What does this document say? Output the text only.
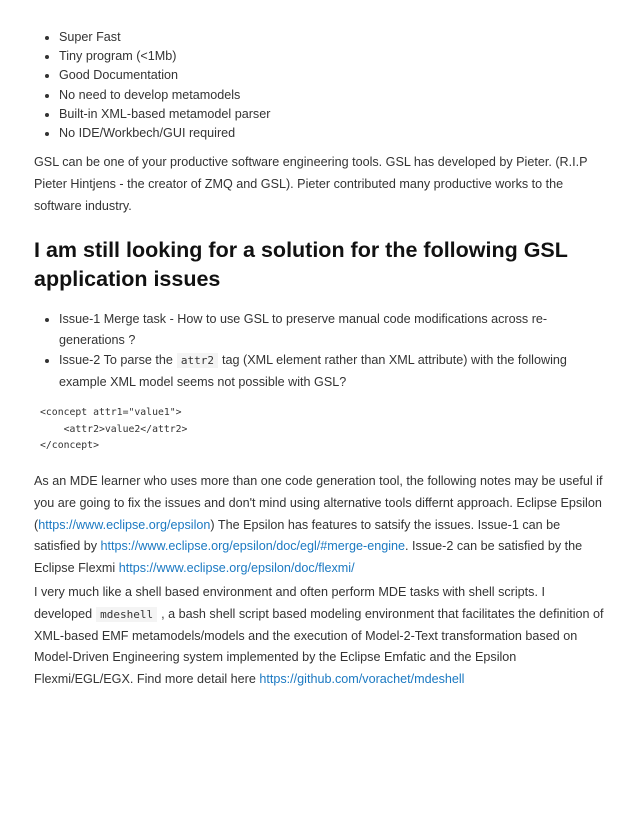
• Super Fast
• Tiny program (<1Mb)
• Good Documentation
• No need to develop metamodels
• Built-in XML-based metamodel parser
• No IDE/Workbech/GUI required

GSL can be one of your productive software engineering tools. GSL has developed by Pieter. (R.I.P Pieter Hintjens - the creator of ZMQ and GSL). Pieter contributed many productive works to the software industry.

I am still looking for a solution for the following GSL application issues
• Issue-1 Merge task - How to use GSL to preserve manual code modifications across re-generations ?
• Issue-2 To parse the attr2 tag (XML element rather than XML attribute) with the following example XML model seems not possible with GSL?
<concept attr1="value1">
<attr2>value2</attr2>
</concept>

As an MDE learner who uses more than one code generation tool, the following notes may be useful if you are going to fix the issues and don't mind using alternative tools differnt approach. Eclipse Epsilon (https://www.eclipse.org/epsilon) The Epsilon has features to satsify the issues. Issue-1 can be satisfied by https://www.eclipse.org/epsilon/doc/egl/#merge-engine. Issue-2 can be satisfied by the Eclipse Flexmi https://www.eclipse.org/epsilon/doc/flexmi/

I very much like a shell based environment and often perform MDE tasks with shell scripts. I developed mdeshell , a bash shell script based modeling environment that facilitates the definition of XML-based EMF metamodels/models and the execution of Model-2-Text transformation based on Model-Driven Engineering system implemented by the Eclipse Emfatic and the Epsilon Flexmi/EGL/EGX. Find more detail here https://github.com/vorachet/mdeshell
